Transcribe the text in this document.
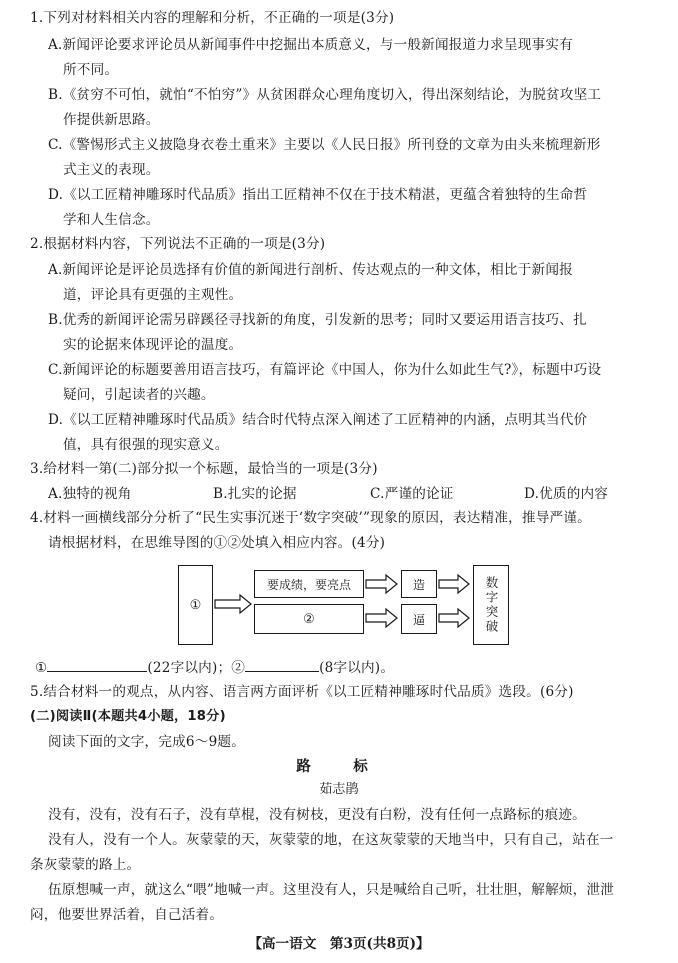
1.下列对材料相关内容的理解和分析，不正确的一项是(3分)
A.新闻评论要求评论员从新闻事件中挖掘出本质意义，与一般新闻报道力求呈现事实有
所不同。
B.《贫穷不可怕，就怕“不怕穷”》从贫困群众心理角度切入，得出深刻结论，为脱贫攻坚工
作提供新思路。
C.《警惕形式主义披隐身衣卷土重来》主要以《人民日报》所刊登的文章为由头来梳理新形
式主义的表现。
D.《以工匠精神雕琢时代品质》指出工匠精神不仅在于技术精湛，更蕴含着独特的生命哲
学和人生信念。
2.根据材料内容，下列说法不正确的一项是(3分)
A.新闻评论是评论员选择有价值的新闻进行剖析、传达观点的一种文体，相比于新闻报
道，评论具有更强的主观性。
B.优秀的新闻评论需另辟蹊径寻找新的角度，引发新的思考；同时又要运用语言技巧、扎
实的论据来体现评论的温度。
C.新闻评论的标题要善用语言技巧，有篇评论《中国人，你为什么如此生气?》，标题中巧设
疑问，引起读者的兴趣。
D.《以工匠精神雕琢时代品质》结合时代特点深入阐述了工匠精神的内涵，点明其当代价
值，具有很强的现实意义。
3.给材料一第(二)部分拟一个标题，最恰当的一项是(3分)
A.独特的视角	B.扎实的论据	C.严谨的论证	D.优质的内容
4.材料一画横线部分分析了“民生实事沉迷于‘数字突破’”现象的原因，表达精准，推导严谨。
请根据材料，在思维导图的①②处填入相应内容。(4分)
①
要成绩，要亮点
②
造
逼	数字突破
①	(22字以内)；②	(8字以内)。
5.结合材料一的观点，从内容、语言两方面评析《以工匠精神雕琢时代品质》选段。(6分)
(二)阅读Ⅱ(本题共4小题，18分)
阅读下面的文字，完成6～9题。
路　标
茹志鹃
没有，没有，没有石子，没有草棍，没有树枝，更没有白粉，没有任何一点路标的痕迹。
没有人，没有一个人。灰蒙蒙的天，灰蒙蒙的地，在这灰蒙蒙的天地当中，只有自己，站在一
条灰蒙蒙的路上。
伍原想喊一声，就这么“喂”地喊一声。这里没有人，只是喊给自己听，壮壮胆，解解烦，泄泄
闷，他要世界活着，自己活着。
【高一语文　第3页(共8页)】
